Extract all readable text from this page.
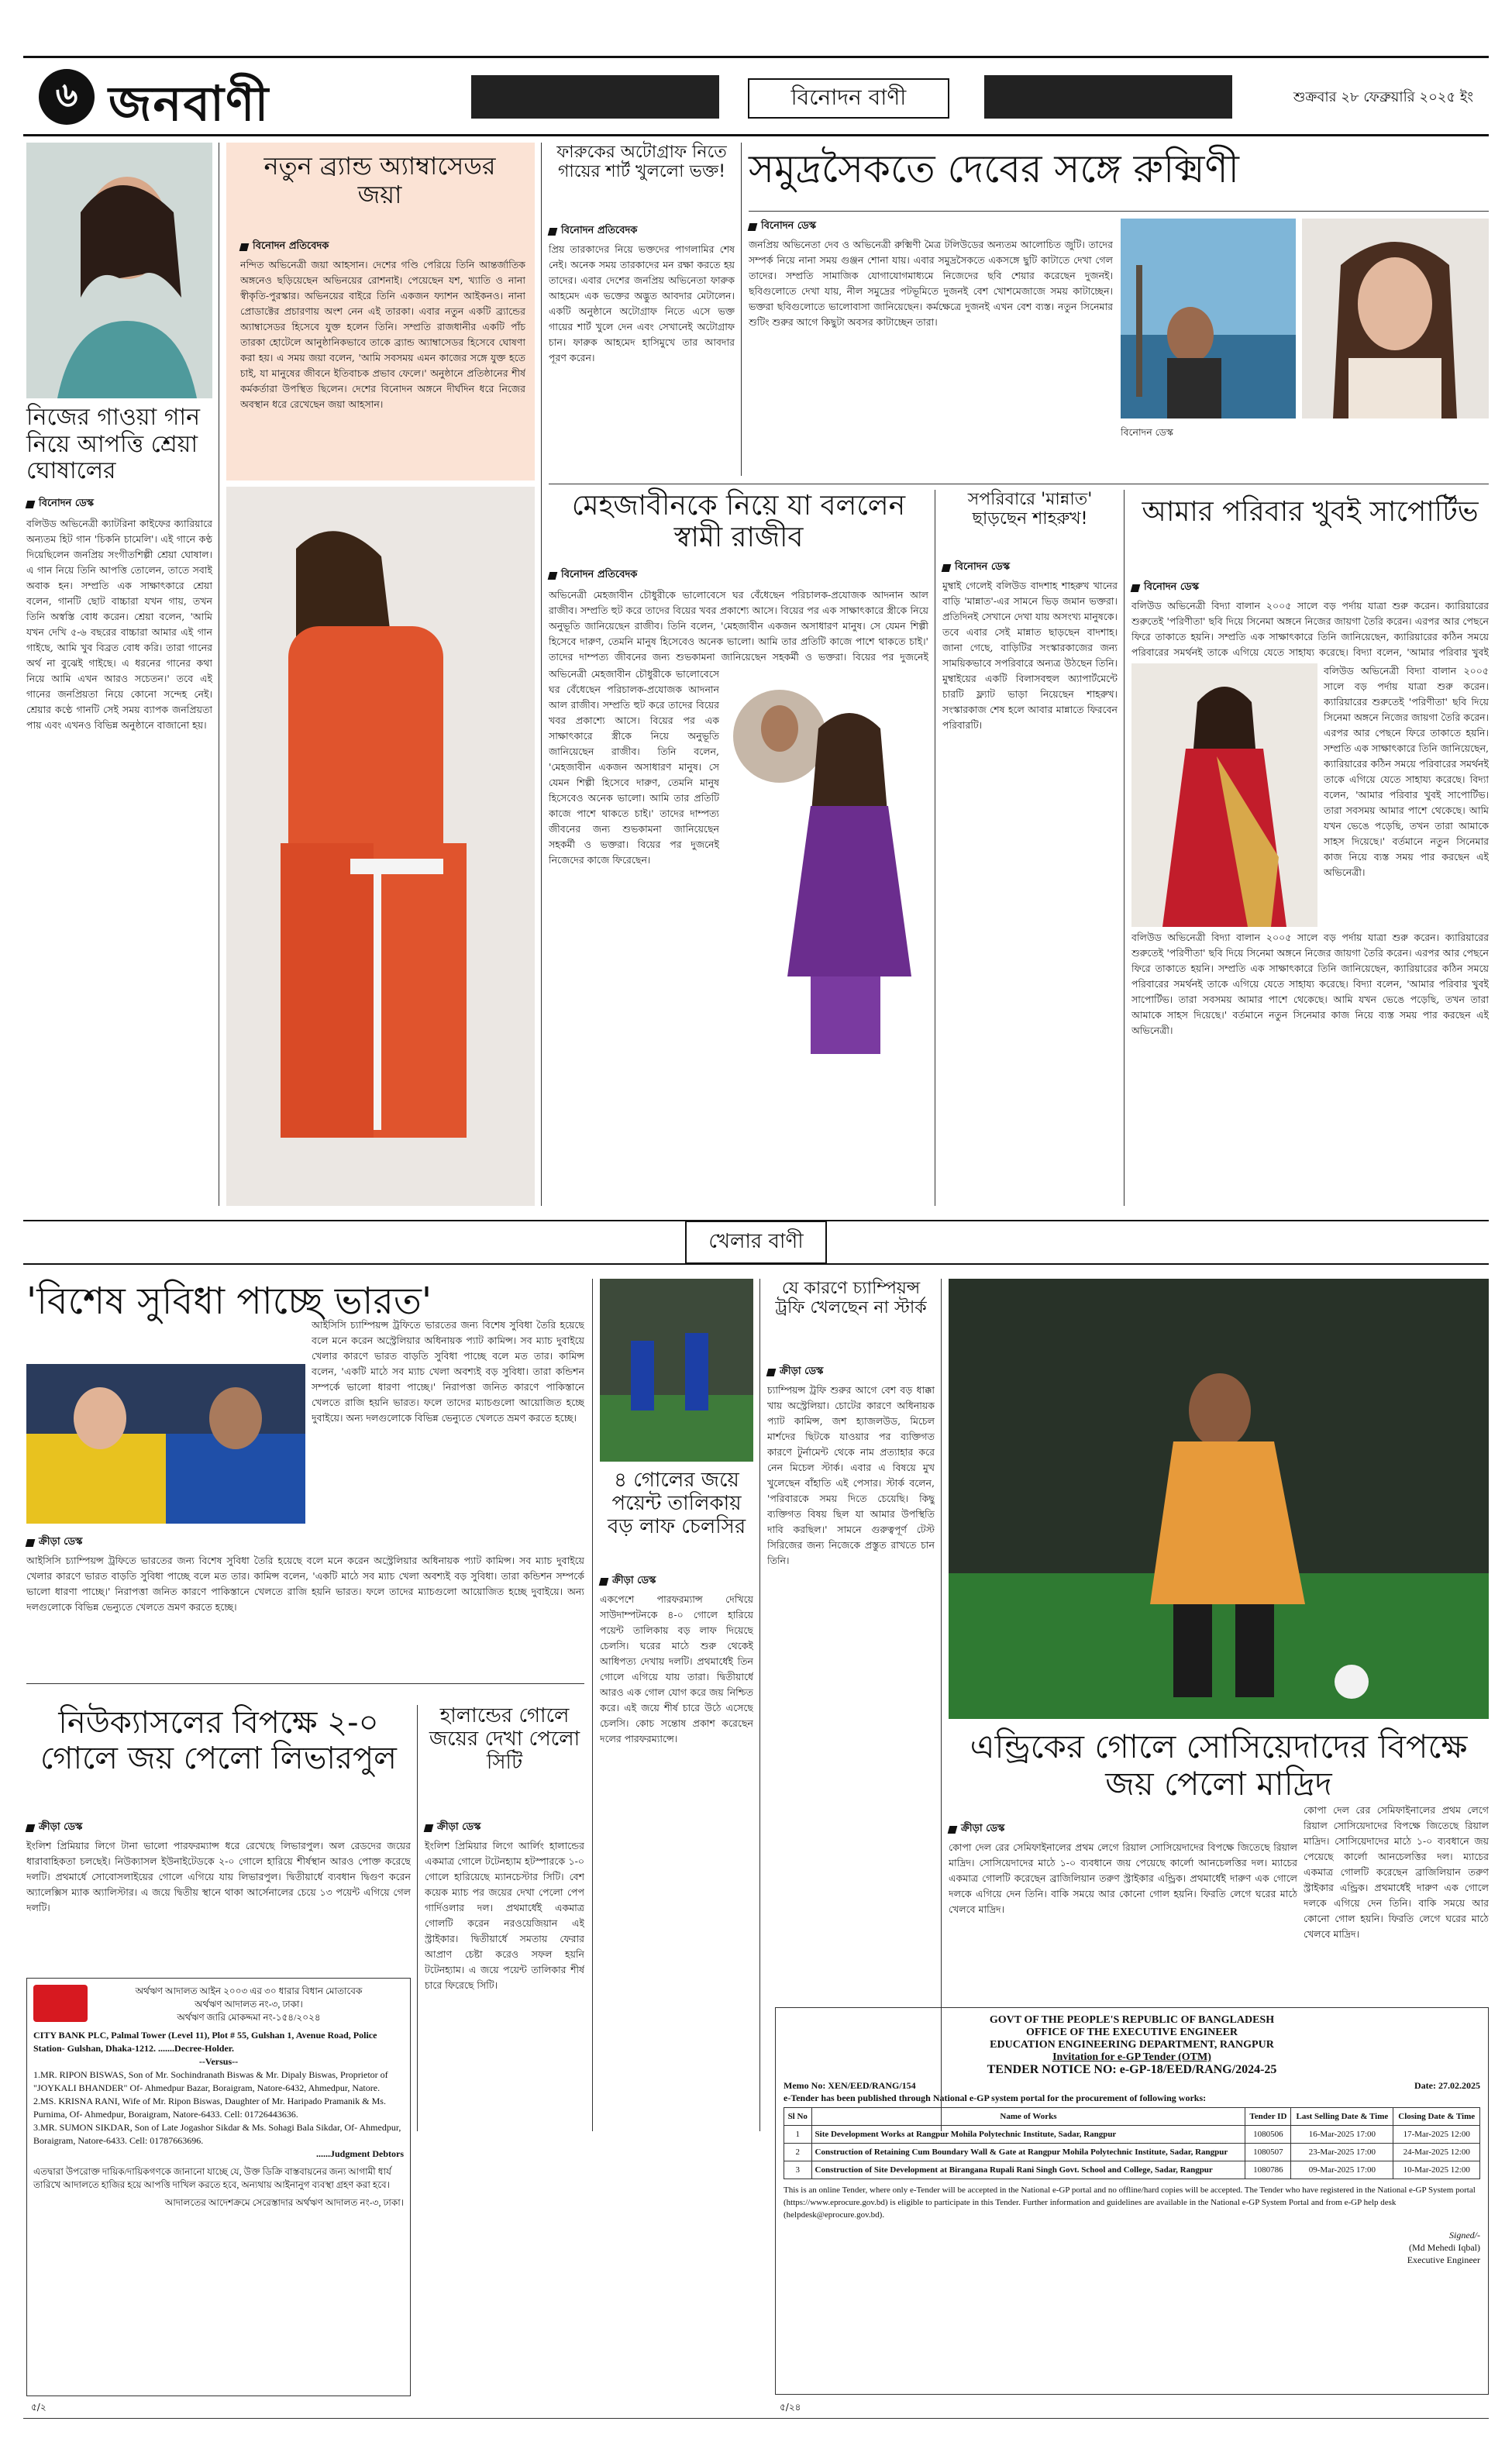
৬ জনবাণী	বিনোদন বাণী	শুক্রবার ২৮ ফেব্রুয়ারি ২০২৫ ইং
নিজের গাওয়া গান নিয়ে আপত্তি শ্রেয়া ঘোষালের
বিনোদন ডেস্ক
বলিউড অভিনেত্রী ক্যাটরিনা কাইফের ক্যারিয়ারে অন্যতম হিট গান 'চিকনি চামেলি'। এই গানে কণ্ঠ দিয়েছিলেন জনপ্রিয় সংগীতশিল্পী শ্রেয়া ঘোষাল। এ গান নিয়ে তিনি আপত্তি তোলেন, তাতে সবাই অবাক হন। সম্প্রতি এক সাক্ষাৎকারে শ্রেয়া বলেন, গানটি ছোট বাচ্চারা যখন গায়, তখন তিনি অস্বস্তি বোধ করেন। শ্রেয়া বলেন, 'আমি যখন দেখি ৫-৬ বছরের বাচ্চারা আমার এই গান গাইছে, আমি খুব বিব্রত বোধ করি। তারা গানের অর্থ না বুঝেই গাইছে। এ ধরনের গানের কথা নিয়ে আমি এখন আরও সচেতন।' তবে এই গানের জনপ্রিয়তা নিয়ে কোনো সন্দেহ নেই। শ্রেয়ার কণ্ঠে গানটি সেই সময় ব্যাপক জনপ্রিয়তা পায় এবং এখনও বিভিন্ন অনুষ্ঠানে বাজানো হয়।
নতুন ব্র্যান্ড অ্যাম্বাসেডর জয়া
বিনোদন প্রতিবেদক
নন্দিত অভিনেত্রী জয়া আহসান। দেশের গণ্ডি পেরিয়ে তিনি আন্তর্জাতিক অঙ্গনেও ছড়িয়েছেন অভিনয়ের রোশনাই। পেয়েছেন যশ, খ্যাতি ও নানা স্বীকৃতি-পুরস্কার। অভিনয়ের বাইরে তিনি একজন ফ্যাশন আইকনও। নানা প্রোডাক্টের প্রচারণায় অংশ নেন এই তারকা। এবার নতুন একটি ব্র্যান্ডের অ্যাম্বাসেডর হিসেবে যুক্ত হলেন তিনি। সম্প্রতি রাজধানীর একটি পাঁচ তারকা হোটেলে আনুষ্ঠানিকভাবে তাকে ব্র্যান্ড অ্যাম্বাসেডর হিসেবে ঘোষণা করা হয়। এ সময় জয়া বলেন, 'আমি সবসময় এমন কাজের সঙ্গে যুক্ত হতে চাই, যা মানুষের জীবনে ইতিবাচক প্রভাব ফেলে।' অনুষ্ঠানে প্রতিষ্ঠানের শীর্ষ কর্মকর্তারা উপস্থিত ছিলেন। দেশের বিনোদন অঙ্গনে দীর্ঘদিন ধরে নিজের অবস্থান ধরে রেখেছেন জয়া আহসান।
ফারুকের অটোগ্রাফ নিতে গায়ের শার্ট খুললো ভক্ত!
বিনোদন প্রতিবেদক
প্রিয় তারকাদের নিয়ে ভক্তদের পাগলামির শেষ নেই। অনেক সময় তারকাদের মন রক্ষা করতে হয় তাদের। এবার দেশের জনপ্রিয় অভিনেতা ফারুক আহমেদ এক ভক্তের অদ্ভুত আবদার মেটালেন। একটি অনুষ্ঠানে অটোগ্রাফ নিতে এসে ভক্ত গায়ের শার্ট খুলে দেন এবং সেখানেই অটোগ্রাফ চান। ফারুক আহমেদ হাসিমুখে তার আবদার পূরণ করেন।
সমুদ্রসৈকতে দেবের সঙ্গে রুক্মিণী
বিনোদন ডেস্ক
জনপ্রিয় অভিনেতা দেব ও অভিনেত্রী রুক্মিণী মৈত্র টলিউডের অন্যতম আলোচিত জুটি। তাদের সম্পর্ক নিয়ে নানা সময় গুঞ্জন শোনা যায়। এবার সমুদ্রসৈকতে একসঙ্গে ছুটি কাটাতে দেখা গেল তাদের। সম্প্রতি সামাজিক যোগাযোগমাধ্যমে নিজেদের ছবি শেয়ার করেছেন দুজনই। ছবিগুলোতে দেখা যায়, নীল সমুদ্রের পটভূমিতে দুজনই বেশ খোশমেজাজে সময় কাটাচ্ছেন। ভক্তরা ছবিগুলোতে ভালোবাসা জানিয়েছেন। কর্মক্ষেত্রে দুজনই এখন বেশ ব্যস্ত। নতুন সিনেমার শুটিং শুরুর আগে কিছুটা অবসর কাটাচ্ছেন তারা।
বিনোদন ডেস্ক
মেহজাবীনকে নিয়ে যা বললেন স্বামী রাজীব
বিনোদন প্রতিবেদক
অভিনেত্রী মেহজাবীন চৌধুরীকে ভালোবেসে ঘর বেঁধেছেন পরিচালক-প্রযোজক আদনান আল রাজীব। সম্প্রতি হুট করে তাদের বিয়ের খবর প্রকাশ্যে আসে। বিয়ের পর এক সাক্ষাৎকারে স্ত্রীকে নিয়ে অনুভূতি জানিয়েছেন রাজীব। তিনি বলেন, 'মেহজাবীন একজন অসাধারণ মানুষ। সে যেমন শিল্পী হিসেবে দারুণ, তেমনি মানুষ হিসেবেও অনেক ভালো। আমি তার প্রতিটি কাজে পাশে থাকতে চাই।' তাদের দাম্পত্য জীবনের জন্য শুভকামনা জানিয়েছেন সহকর্মী ও ভক্তরা। বিয়ের পর দুজনেই
অভিনেত্রী মেহজাবীন চৌধুরীকে ভালোবেসে ঘর বেঁধেছেন পরিচালক-প্রযোজক আদনান আল রাজীব। সম্প্রতি হুট করে তাদের বিয়ের খবর প্রকাশ্যে আসে। বিয়ের পর এক সাক্ষাৎকারে স্ত্রীকে নিয়ে অনুভূতি জানিয়েছেন রাজীব। তিনি বলেন, 'মেহজাবীন একজন অসাধারণ মানুষ। সে যেমন শিল্পী হিসেবে দারুণ, তেমনি মানুষ হিসেবেও অনেক ভালো। আমি তার প্রতিটি কাজে পাশে থাকতে চাই।' তাদের দাম্পত্য জীবনের জন্য শুভকামনা জানিয়েছেন সহকর্মী ও ভক্তরা। বিয়ের পর দুজনেই নিজেদের কাজে ফিরেছেন।
সপরিবারে 'মান্নাত' ছাড়ছেন শাহরুখ!
বিনোদন ডেস্ক
মুম্বাই গেলেই বলিউড বাদশাহ শাহরুখ খানের বাড়ি 'মান্নাত'-এর সামনে ভিড় জমান ভক্তরা। প্রতিদিনই সেখানে দেখা যায় অসংখ্য মানুষকে। তবে এবার সেই মান্নাত ছাড়ছেন বাদশাহ। জানা গেছে, বাড়িটির সংস্কারকাজের জন্য সাময়িকভাবে সপরিবারে অন্যত্র উঠছেন তিনি। মুম্বাইয়ের একটি বিলাসবহুল অ্যাপার্টমেন্টে চারটি ফ্ল্যাট ভাড়া নিয়েছেন শাহরুখ। সংস্কারকাজ শেষ হলে আবার মান্নাতে ফিরবেন পরিবারটি।
আমার পরিবার খুবই সাপোর্টিভ
বিনোদন ডেস্ক
বলিউড অভিনেত্রী বিদ্যা বালান ২০০৫ সালে বড় পর্দায় যাত্রা শুরু করেন। ক্যারিয়ারের শুরুতেই 'পরিণীতা' ছবি দিয়ে সিনেমা অঙ্গনে নিজের জায়গা তৈরি করেন। এরপর আর পেছনে ফিরে তাকাতে হয়নি। সম্প্রতি এক সাক্ষাৎকারে তিনি জানিয়েছেন, ক্যারিয়ারের কঠিন সময়ে পরিবারের সমর্থনই তাকে এগিয়ে যেতে সাহায্য করেছে। বিদ্যা বলেন, 'আমার পরিবার খুবই
বলিউড অভিনেত্রী বিদ্যা বালান ২০০৫ সালে বড় পর্দায় যাত্রা শুরু করেন। ক্যারিয়ারের শুরুতেই 'পরিণীতা' ছবি দিয়ে সিনেমা অঙ্গনে নিজের জায়গা তৈরি করেন। এরপর আর পেছনে ফিরে তাকাতে হয়নি। সম্প্রতি এক সাক্ষাৎকারে তিনি জানিয়েছেন, ক্যারিয়ারের কঠিন সময়ে পরিবারের সমর্থনই তাকে এগিয়ে যেতে সাহায্য করেছে। বিদ্যা বলেন, 'আমার পরিবার খুবই সাপোর্টিভ। তারা সবসময় আমার পাশে থেকেছে। আমি যখন ভেঙে পড়েছি, তখন তারা আমাকে সাহস দিয়েছে।' বর্তমানে নতুন সিনেমার কাজ নিয়ে ব্যস্ত সময় পার করছেন এই অভিনেত্রী।
বলিউড অভিনেত্রী বিদ্যা বালান ২০০৫ সালে বড় পর্দায় যাত্রা শুরু করেন। ক্যারিয়ারের শুরুতেই 'পরিণীতা' ছবি দিয়ে সিনেমা অঙ্গনে নিজের জায়গা তৈরি করেন। এরপর আর পেছনে ফিরে তাকাতে হয়নি। সম্প্রতি এক সাক্ষাৎকারে তিনি জানিয়েছেন, ক্যারিয়ারের কঠিন সময়ে পরিবারের সমর্থনই তাকে এগিয়ে যেতে সাহায্য করেছে। বিদ্যা বলেন, 'আমার পরিবার খুবই সাপোর্টিভ। তারা সবসময় আমার পাশে থেকেছে। আমি যখন ভেঙে পড়েছি, তখন তারা আমাকে সাহস দিয়েছে।' বর্তমানে নতুন সিনেমার কাজ নিয়ে ব্যস্ত সময় পার করছেন এই অভিনেত্রী।
খেলার বাণী
'বিশেষ সুবিধা পাচ্ছে ভারত'
আইসিসি চ্যাম্পিয়ন্স ট্রফিতে ভারতের জন্য বিশেষ সুবিধা তৈরি হয়েছে বলে মনে করেন অস্ট্রেলিয়ার অধিনায়ক প্যাট কামিন্স। সব ম্যাচ দুবাইয়ে খেলার কারণে ভারত বাড়তি সুবিধা পাচ্ছে বলে মত তার। কামিন্স বলেন, 'একটি মাঠে সব ম্যাচ খেলা অবশ্যই বড় সুবিধা। তারা কন্ডিশন সম্পর্কে ভালো ধারণা পাচ্ছে।' নিরাপত্তা জনিত কারণে পাকিস্তানে খেলতে রাজি হয়নি ভারত। ফলে তাদের ম্যাচগুলো আয়োজিত হচ্ছে দুবাইয়ে। অন্য দলগুলোকে বিভিন্ন ভেন্যুতে খেলতে ভ্রমণ করতে হচ্ছে।
ক্রীড়া ডেস্ক
আইসিসি চ্যাম্পিয়ন্স ট্রফিতে ভারতের জন্য বিশেষ সুবিধা তৈরি হয়েছে বলে মনে করেন অস্ট্রেলিয়ার অধিনায়ক প্যাট কামিন্স। সব ম্যাচ দুবাইয়ে খেলার কারণে ভারত বাড়তি সুবিধা পাচ্ছে বলে মত তার। কামিন্স বলেন, 'একটি মাঠে সব ম্যাচ খেলা অবশ্যই বড় সুবিধা। তারা কন্ডিশন সম্পর্কে ভালো ধারণা পাচ্ছে।' নিরাপত্তা জনিত কারণে পাকিস্তানে খেলতে রাজি হয়নি ভারত। ফলে তাদের ম্যাচগুলো আয়োজিত হচ্ছে দুবাইয়ে। অন্য দলগুলোকে বিভিন্ন ভেন্যুতে খেলতে ভ্রমণ করতে হচ্ছে।
৪ গোলের জয়ে পয়েন্ট তালিকায় বড় লাফ চেলসির
ক্রীড়া ডেস্ক
একপেশে পারফরম্যান্স দেখিয়ে সাউদাম্পটনকে ৪-০ গোলে হারিয়ে পয়েন্ট তালিকায় বড় লাফ দিয়েছে চেলসি। ঘরের মাঠে শুরু থেকেই আধিপত্য দেখায় দলটি। প্রথমার্ধেই তিন গোলে এগিয়ে যায় তারা। দ্বিতীয়ার্ধে আরও এক গোল যোগ করে জয় নিশ্চিত করে। এই জয়ে শীর্ষ চারে উঠে এসেছে চেলসি। কোচ সন্তোষ প্রকাশ করেছেন দলের পারফরম্যান্সে।
যে কারণে চ্যাম্পিয়ন্স ট্রফি খেলছেন না স্টার্ক
ক্রীড়া ডেস্ক
চ্যাম্পিয়ন্স ট্রফি শুরুর আগে বেশ বড় ধাক্কা খায় অস্ট্রেলিয়া। চোটের কারণে অধিনায়ক প্যাট কামিন্স, জশ হ্যাজলউড, মিচেল মার্শদের ছিটকে যাওয়ার পর ব্যক্তিগত কারণে টুর্নামেন্ট থেকে নাম প্রত্যাহার করে নেন মিচেল স্টার্ক। এবার এ বিষয়ে মুখ খুলেছেন বাঁহাতি এই পেসার। স্টার্ক বলেন, 'পরিবারকে সময় দিতে চেয়েছি। কিছু ব্যক্তিগত বিষয় ছিল যা আমার উপস্থিতি দাবি করছিল।' সামনে গুরুত্বপূর্ণ টেস্ট সিরিজের জন্য নিজেকে প্রস্তুত রাখতে চান তিনি।
এন্ড্রিকের গোলে সোসিয়েদাদের বিপক্ষে জয় পেলো মাদ্রিদ
ক্রীড়া ডেস্ক
কোপা দেল রের সেমিফাইনালের প্রথম লেগে রিয়াল সোসিয়েদাদের বিপক্ষে জিতেছে রিয়াল মাদ্রিদ। সোসিয়েদাদের মাঠে ১-০ ব্যবধানে জয় পেয়েছে কার্লো আনচেলত্তির দল। ম্যাচের একমাত্র গোলটি করেছেন ব্রাজিলিয়ান তরুণ স্ট্রাইকার এন্ড্রিক। প্রথমার্ধেই দারুণ এক গোলে দলকে এগিয়ে দেন তিনি। বাকি সময়ে আর কোনো গোল হয়নি। ফিরতি লেগে ঘরের মাঠে খেলবে মাদ্রিদ।
কোপা দেল রের সেমিফাইনালের প্রথম লেগে রিয়াল সোসিয়েদাদের বিপক্ষে জিতেছে রিয়াল মাদ্রিদ। সোসিয়েদাদের মাঠে ১-০ ব্যবধানে জয় পেয়েছে কার্লো আনচেলত্তির দল। ম্যাচের একমাত্র গোলটি করেছেন ব্রাজিলিয়ান তরুণ স্ট্রাইকার এন্ড্রিক। প্রথমার্ধেই দারুণ এক গোলে দলকে এগিয়ে দেন তিনি। বাকি সময়ে আর কোনো গোল হয়নি। ফিরতি লেগে ঘরের মাঠে খেলবে মাদ্রিদ।
নিউক্যাসলের বিপক্ষে ২-০ গোলে জয় পেলো লিভারপুল
ক্রীড়া ডেস্ক
ইংলিশ প্রিমিয়ার লিগে টানা ভালো পারফরম্যান্স ধরে রেখেছে লিভারপুল। অল রেডদের জয়ের ধারাবাহিকতা চলছেই। নিউক্যাসল ইউনাইটেডকে ২-০ গোলে হারিয়ে শীর্ষস্থান আরও পোক্ত করেছে দলটি। প্রথমার্ধে সোবোসলাইয়ের গোলে এগিয়ে যায় লিভারপুল। দ্বিতীয়ার্ধে ব্যবধান দ্বিগুণ করেন অ্যালেক্সিস ম্যাক অ্যালিস্টার। এ জয়ে দ্বিতীয় স্থানে থাকা আর্সেনালের চেয়ে ১৩ পয়েন্ট এগিয়ে গেল দলটি।
হালান্ডের গোলে জয়ের দেখা পেলো সিটি
ক্রীড়া ডেস্ক
ইংলিশ প্রিমিয়ার লিগে আর্লিং হালান্ডের একমাত্র গোলে টটেনহ্যাম হটস্পারকে ১-০ গোলে হারিয়েছে ম্যানচেস্টার সিটি। বেশ কয়েক ম্যাচ পর জয়ের দেখা পেলো পেপ গার্দিওলার দল। প্রথমার্ধেই একমাত্র গোলটি করেন নরওয়েজিয়ান এই স্ট্রাইকার। দ্বিতীয়ার্ধে সমতায় ফেরার আপ্রাণ চেষ্টা করেও সফল হয়নি টটেনহ্যাম। এ জয়ে পয়েন্ট তালিকার শীর্ষ চারে ফিরেছে সিটি।
অর্থঋণ আদালত আইন ২০০৩ এর ৩০ ধারার বিধান মোতাবেক
অর্থঋণ আদালত নং-৩, ঢাকা।
অর্থঋণ জারি মোকদ্দমা নং-১৫৪/২০২৪
CITY BANK PLC, Palmal Tower (Level 11), Plot # 55, Gulshan 1, Avenue Road, Police Station- Gulshan, Dhaka-1212. .......Decree-Holder.
--Versus--
1.MR. RIPON BISWAS, Son of Mr. Sochindranath Biswas & Mr. Dipaly Biswas, Proprietor of "JOYKALI BHANDER" Of- Ahmedpur Bazar, Boraigram, Natore-6432, Ahmedpur, Natore.
2.MS. KRISNA RANI, Wife of Mr. Ripon Biswas, Daughter of Mr. Haripado Pramanik & Ms. Purnima, Of- Ahmedpur, Boraigram, Natore-6433. Cell: 01726443636.
3.MR. SUMON SIKDAR, Son of Late Jogashor Sikdar & Ms. Sohagi Bala Sikdar, Of- Ahmedpur, Boraigram, Natore-6433. Cell: 01787663696.
......Judgment Debtors
এতদ্বারা উপরোক্ত দায়িক/দায়িকগণকে জানানো যাচ্ছে যে, উক্ত ডিক্রি বাস্তবায়নের জন্য আগামী ধার্য তারিখে আদালতে হাজির হয়ে আপত্তি দাখিল করতে হবে, অন্যথায় আইনানুগ ব্যবস্থা গ্রহণ করা হবে।
আদালতের আদেশক্রমে সেরেস্তাদার অর্থঋণ আদালত নং-৩, ঢাকা।
৫/২
GOVT OF THE PEOPLE'S REPUBLIC OF BANGLADESH
OFFICE OF THE EXECUTIVE ENGINEER
EDUCATION ENGINEERING DEPARTMENT, RANGPUR
Invitation for e-GP Tender (OTM)
TENDER NOTICE NO: e-GP-18/EED/RANG/2024-25
Memo No: XEN/EED/RANG/154	Date: 27.02.2025
e-Tender has been published through National e-GP system portal for the procurement of following works:
Sl No	Name of Works	Tender ID	Last Selling Date & Time	Closing Date & Time
1	Site Development Works at Rangpur Mohila Polytechnic Institute, Sadar, Rangpur	1080506	16-Mar-2025 17:00	17-Mar-2025 12:00
2	Construction of Retaining Cum Boundary Wall & Gate at Rangpur Mohila Polytechnic Institute, Sadar, Rangpur	1080507	23-Mar-2025 17:00	24-Mar-2025 12:00
3	Construction of Site Development at Birangana Rupali Rani Singh Govt. School and College, Sadar, Rangpur	1080786	09-Mar-2025 17:00	10-Mar-2025 12:00
This is an online Tender, where only e-Tender will be accepted in the National e-GP portal and no offline/hard copies will be accepted. The Tender who have registered in the National e-GP System portal (https://www.eprocure.gov.bd) is eligible to participate in this Tender. Further information and guidelines are available in the National e-GP System Portal and from e-GP help desk (helpdesk@eprocure.gov.bd).
Signed/-
(Md Mehedi Iqbal)
Executive Engineer
৫/২৪
